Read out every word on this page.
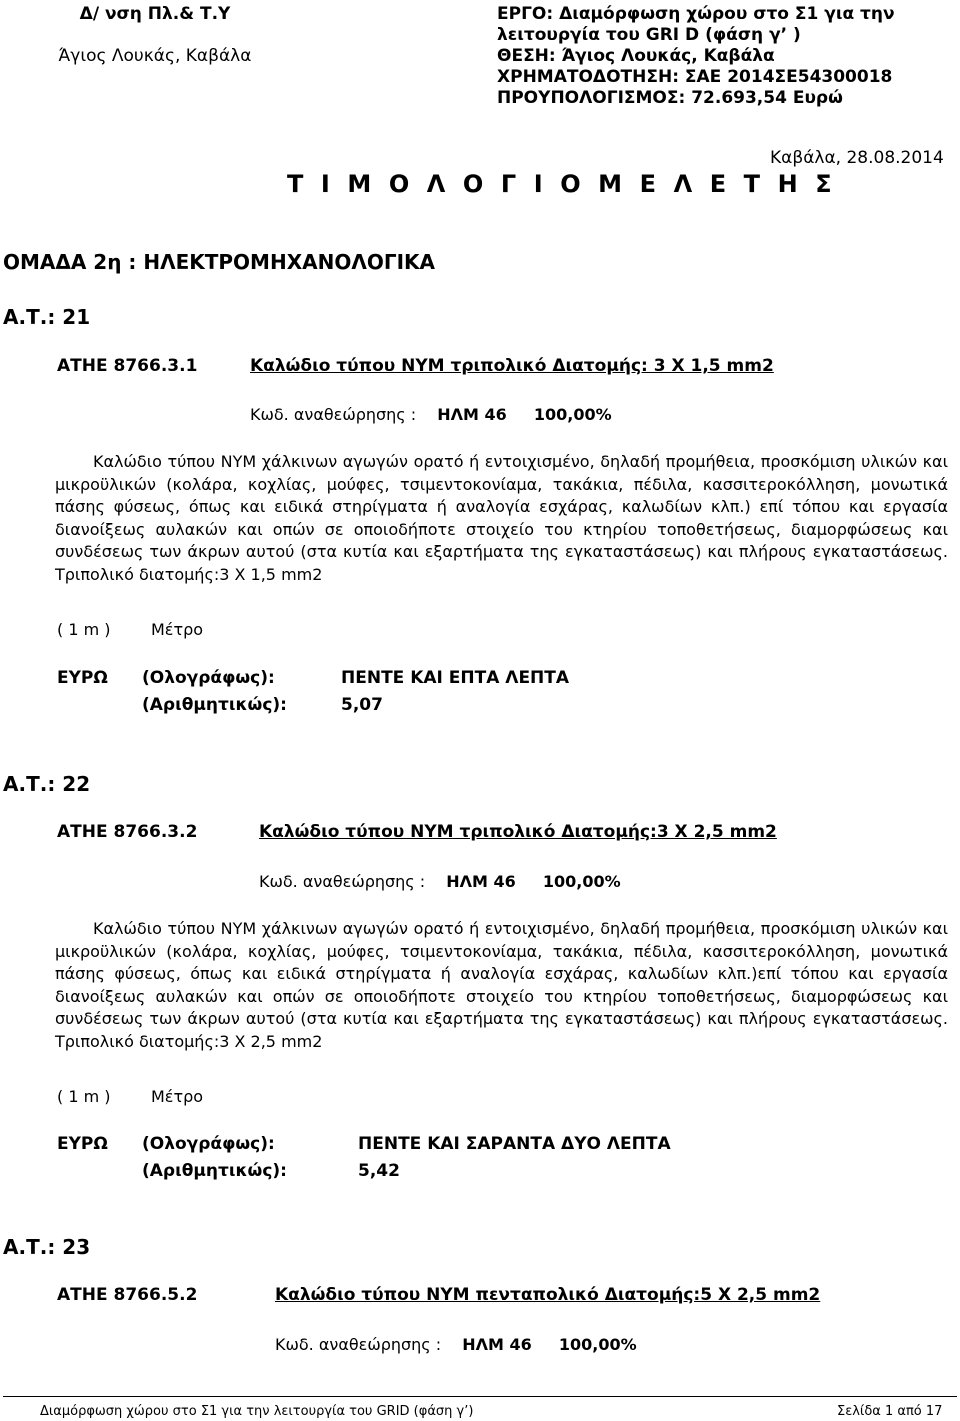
Δ/ νση Πλ.& Τ.Υ
Άγιος Λουκάς, Καβάλα
ΕΡΓΟ: Διαμόρφωση χώρου στο Σ1 για την
λειτουργία του GRI D (φάση γ’ )
ΘΕΣΗ: Άγιος Λουκάς, Καβάλα
ΧΡΗΜΑΤΟΔΟΤΗΣΗ: ΣΑΕ 2014ΣΕ54300018
ΠΡΟΥΠΟΛΟΓΙΣΜΟΣ: 72.693,54 Ευρώ
Καβάλα, 28.08.2014
Τ Ι Μ Ο Λ Ο Γ Ι Ο Μ Ε Λ Ε Τ Η Σ
ΟΜΑΔΑ 2η : ΗΛΕΚΤΡΟΜΗΧΑΝΟΛΟΓΙΚΑ
Α.Τ.: 21
ΑΤΗΕ 8766.3.1	Καλώδιο τύπου ΝΥΜ τριπολικό Διατομής: 3 Χ 1,5 mm2
Κωδ. αναθεώρησης : ΗΛΜ 46 100,00%
Καλώδιο τύπου ΝΥΜ χάλκινων αγωγών ορατό ή εντοιχισμένο, δηλαδή προμήθεια, προσκόμιση υλικών και μικροϋλικών (κολάρα, κοχλίας, μούφες, τσιμεντοκονίαμα, τακάκια, πέδιλα, κασσιτεροκόλληση, μονωτικά πάσης φύσεως, όπως και ειδικά στηρίγματα ή αναλογία εσχάρας, καλωδίων κλπ.) επί τόπου και εργασία διανοίξεως αυλακών και οπών σε οποιοδήποτε στοιχείο του κτηρίου τοποθετήσεως, διαμορφώσεως και συνδέσεως των άκρων αυτού (στα κυτία και εξαρτήματα της εγκαταστάσεως) και πλήρους εγκαταστάσεως. Τριπολικό διατομής:3 Χ 1,5 mm2
( 1 m )	Μέτρο
ΕΥΡΩ (Ολογράφως):	ΠΕΝΤΕ ΚΑΙ ΕΠΤΑ ΛΕΠΤΑ
(Αριθμητικώς):	5,07
Α.Τ.: 22
ΑΤΗΕ 8766.3.2	Καλώδιο τύπου ΝΥΜ τριπολικό Διατομής:3 Χ 2,5 mm2
Κωδ. αναθεώρησης : ΗΛΜ 46 100,00%
Καλώδιο τύπου ΝΥΜ χάλκινων αγωγών ορατό ή εντοιχισμένο, δηλαδή προμήθεια, προσκόμιση υλικών και μικροϋλικών (κολάρα, κοχλίας, μούφες, τσιμεντοκονίαμα, τακάκια, πέδιλα, κασσιτεροκόλληση, μονωτικά πάσης φύσεως, όπως και ειδικά στηρίγματα ή αναλογία εσχάρας, καλωδίων κλπ.)επί τόπου και εργασία διανοίξεως αυλακών και οπών σε οποιοδήποτε στοιχείο του κτηρίου τοποθετήσεως, διαμορφώσεως και συνδέσεως των άκρων αυτού (στα κυτία και εξαρτήματα της εγκαταστάσεως) και πλήρους εγκαταστάσεως. Τριπολικό διατομής:3 Χ 2,5 mm2
( 1 m )	Μέτρο
ΕΥΡΩ (Ολογράφως):	ΠΕΝΤΕ ΚΑΙ ΣΑΡΑΝΤΑ ΔΥΟ ΛΕΠΤΑ
(Αριθμητικώς):	5,42
Α.Τ.: 23
ΑΤΗΕ 8766.5.2	Καλώδιο τύπου ΝΥΜ πενταπολικό Διατομής:5 Χ 2,5 mm2
Κωδ. αναθεώρησης : ΗΛΜ 46 100,00%
Διαμόρφωση χώρου στο Σ1 για την λειτουργία του GRID (φάση γ’)	Σελίδα 1 από 17
